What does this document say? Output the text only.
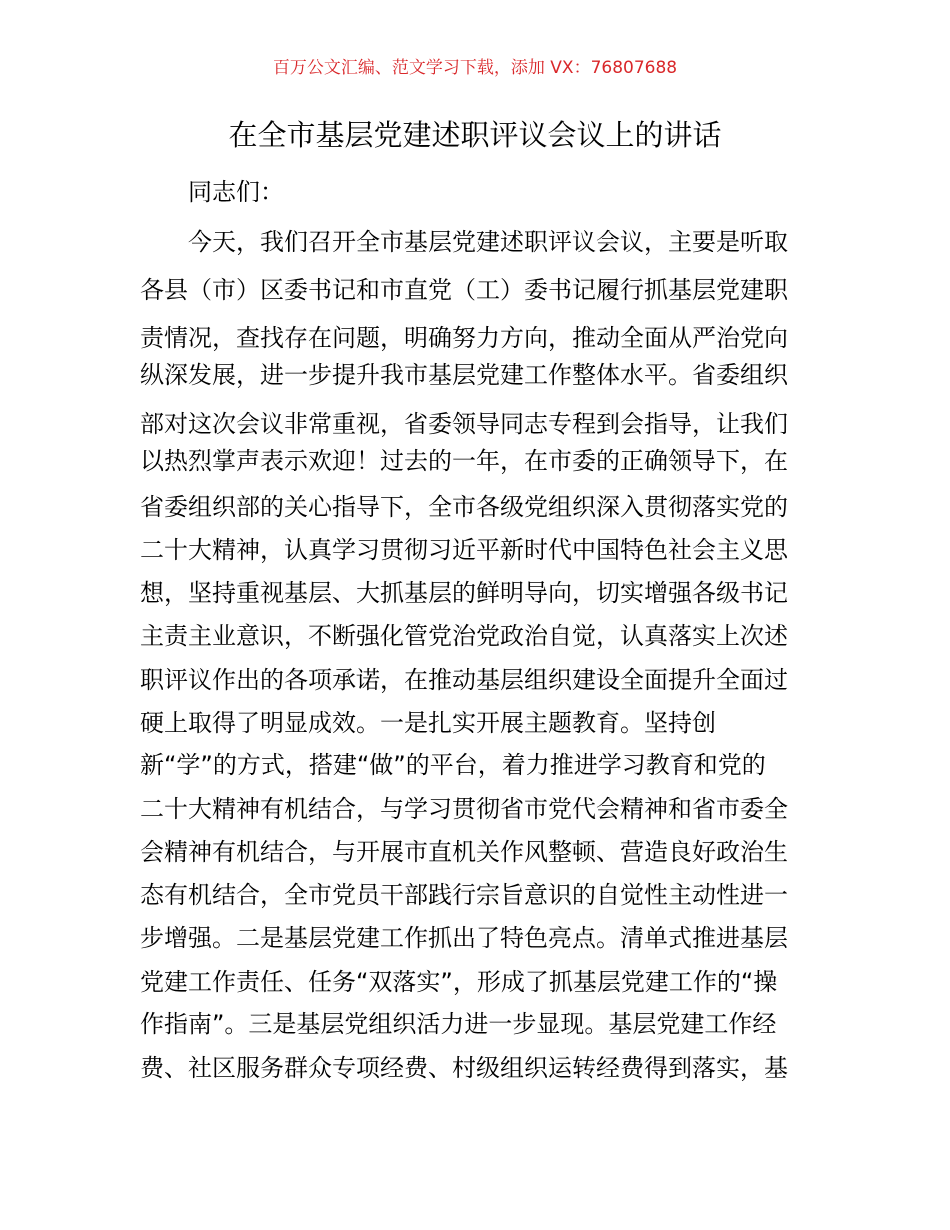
百万公文汇编、范文学习下载，添加 VX：76807688
在全市基层党建述职评议会议上的讲话
同志们：
今天，我们召开全市基层党建述职评议会议，主要是听取
各县（市）区委书记和市直党（工）委书记履行抓基层党建职
责情况，查找存在问题，明确努力方向，推动全面从严治党向
纵深发展，进一步提升我市基层党建工作整体水平。省委组织
部对这次会议非常重视，省委领导同志专程到会指导，让我们
以热烈掌声表示欢迎！过去的一年，在市委的正确领导下，在
省委组织部的关心指导下，全市各级党组织深入贯彻落实党的
二十大精神，认真学习贯彻习近平新时代中国特色社会主义思
想，坚持重视基层、大抓基层的鲜明导向，切实增强各级书记
主责主业意识，不断强化管党治党政治自觉，认真落实上次述
职评议作出的各项承诺，在推动基层组织建设全面提升全面过
硬上取得了明显成效。一是扎实开展主题教育。坚持创
新“学”的方式，搭建“做”的平台，着力推进学习教育和党的
二十大精神有机结合，与学习贯彻省市党代会精神和省市委全
会精神有机结合，与开展市直机关作风整顿、营造良好政治生
态有机结合，全市党员干部践行宗旨意识的自觉性主动性进一
步增强。二是基层党建工作抓出了特色亮点。清单式推进基层
党建工作责任、任务“双落实”，形成了抓基层党建工作的“操
作指南”。三是基层党组织活力进一步显现。基层党建工作经
费、社区服务群众专项经费、村级组织运转经费得到落实，基
